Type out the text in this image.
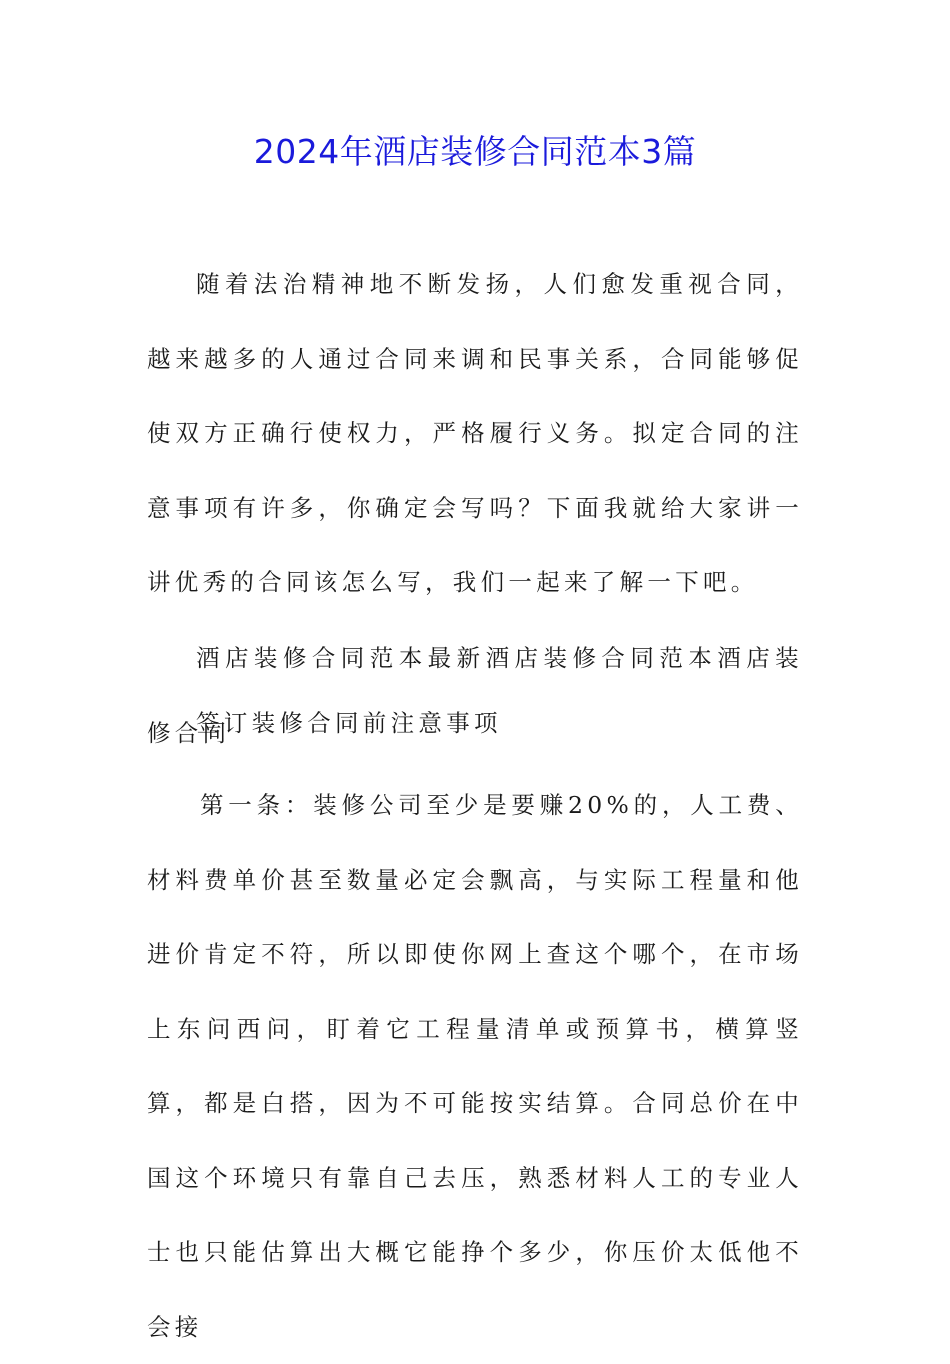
2024年酒店装修合同范本3篇

随着法治精神地不断发扬，人们愈发重视合同，越来越多的人通过合同来调和民事关系，合同能够促使双方正确行使权力，严格履行义务。拟定合同的注意事项有许多，你确定会写吗？下面我就给大家讲一讲优秀的合同该怎么写，我们一起来了解一下吧。

酒店装修合同范本最新酒店装修合同范本酒店装修合同

签订装修合同前注意事项

第一条：装修公司至少是要赚20%的，人工费、材料费单价甚至数量必定会飘高，与实际工程量和他进价肯定不符，所以即使你网上查这个哪个，在市场上东问西问，盯着它工程量清单或预算书，横算竖算，都是白搭，因为不可能按实结算。合同总价在中国这个环境只有靠自己去压，熟悉材料人工的专业人士也只能估算出大概它能挣个多少，你压价太低他不会接
